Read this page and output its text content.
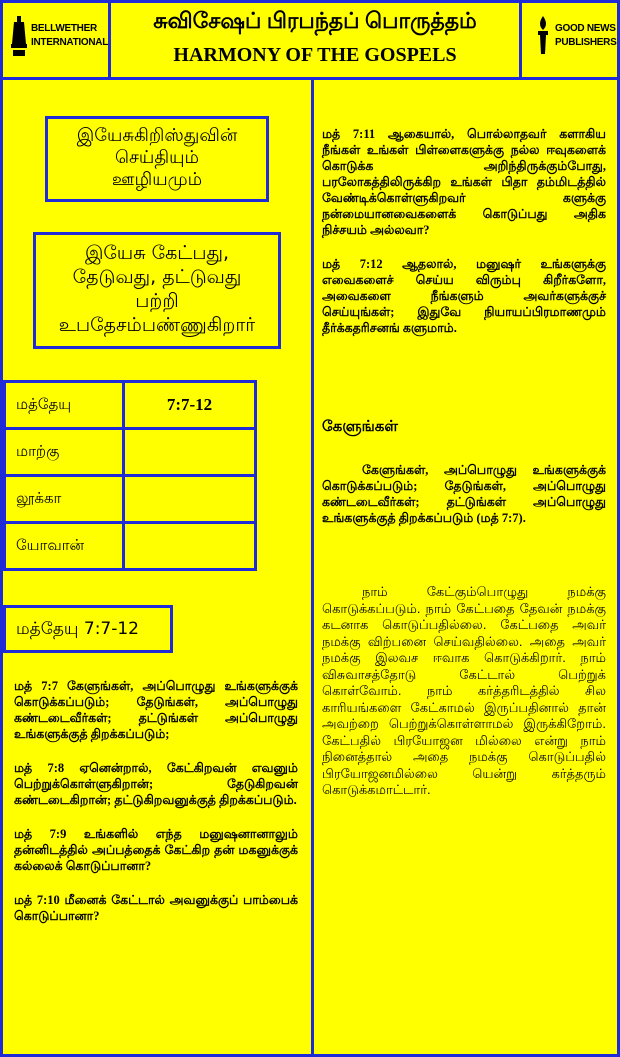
BELLWETHER
INTERNATIONAL
சுவிசேஷப் பிரபந்தப் பொருத்தம்
HARMONY OF THE GOSPELS
GOOD NEWS
PUBLISHERS
இயேசுகிறிஸ்துவின்
செய்தியும்
ஊழியமும்
இயேசு கேட்பது,
தேடுவது, தட்டுவது
பற்றி
உபதேசம்பண்ணுகிறார்
மத்தேயு	7:7-12
மாற்கு	
லூக்கா	
யோவான்	
மத்தேயு 7:7-12

மத் 7:7 கேளுங்கள், அப்பொழுது உங்களுக்குக் கொடுக்கப்படும்; தேடுங்கள், அப்பொழுது கண்டடைவீர்கள்; தட்டுங்கள் அப்பொழுது உங்களுக்குத் திறக்கப்படும்;

மத் 7:8 ஏனென்றால், கேட்கிறவன் எவனும் பெற்றுக்கொள்ளுகிறான்; தேடுகிறவன் கண்டடைகிறான்; தட்டுகிறவனுக்குத் திறக்கப்படும்.

மத் 7:9 உங்களில் எந்த மனுஷனானாலும் தன்னிடத்தில் அப்பத்தைக் கேட்கிற தன் மகனுக்குக் கல்லைக் கொடுப்பானா?

மத் 7:10 மீனைக் கேட்டால் அவனுக்குப் பாம்பைக் கொடுப்பானா?

மத் 7:11 ஆகையால், பொல்லாதவர் களாகிய நீங்கள் உங்கள் பிள்ளைகளுக்கு நல்ல ஈவுகளைக் கொடுக்க அறிந்திருக்கும்போது, பரலோகத்திலிருக்கிற உங்கள் பிதா தம்மிடத்தில் வேண்டிக்கொள்ளுகிறவர் களுக்கு நன்மையானவைகளைக் கொடுப்பது அதிக நிச்சயம் அல்லவா?

மத் 7:12 ஆதலால், மனுஷர் உங்களுக்கு எவைகளைச் செய்ய விரும்பு கிறீர்களோ, அவைகளை நீங்களும் அவர்களுக்குச் செய்யுங்கள்; இதுவே நியாயப்பிரமாணமும் தீர்க்கதரிசனங் களுமாம்.

கேளுங்கள்

கேளுங்கள், அப்பொழுது உங்களுக்குக் கொடுக்கப்படும்; தேடுங்கள், அப்பொழுது கண்டடைவீர்கள்; தட்டுங்கள் அப்பொழுது உங்களுக்குத் திறக்கப்படும் (மத் 7:7).

நாம் கேட்கும்பொழுது நமக்கு கொடுக்கப்படும். நாம் கேட்பதை தேவன் நமக்கு கடனாக கொடுப்பதில்லை. கேட்பதை அவர் நமக்கு விற்பனை செய்வதில்லை. அதை அவர் நமக்கு இலவச ஈவாக கொடுக்கிறார். நாம் விசுவாசத்தோடு கேட்டால் பெற்றுக் கொள்வோம். நாம் கர்த்தரிடத்தில் சில காரியங்களை கேட்காமல் இருப்பதினால் தான் அவற்றை பெற்றுக்கொள்ளாமல் இருக்கிறோம். கேட்பதில் பிரயோஜன மில்லை என்று நாம் நினைத்தால் அதை நமக்கு கொடுப்பதில் பிரயோஜனமில்லை யென்று கர்த்தரும் கொடுக்கமாட்டார்.
